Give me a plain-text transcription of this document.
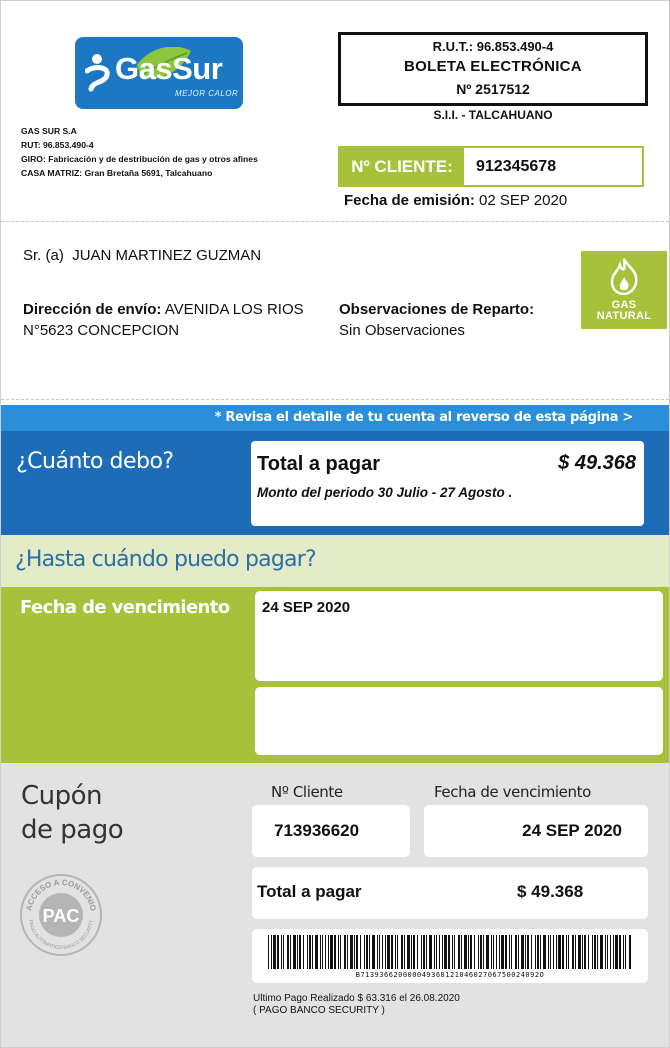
GasSur
MEJOR CALOR
GAS SUR S.A
RUT: 96.853.490-4
GIRO: Fabricación y de destribución de gas y otros afines
CASA MATRIZ: Gran Bretaña 5691, Talcahuano
R.U.T.: 96.853.490-4
BOLETA ELECTRÓNICA
Nº 2517512
S.I.I. - TALCAHUANO
Nº CLIENTE:	912345678
Fecha de emisión: 02 SEP 2020
Sr. (a) JUAN MARTINEZ GUZMAN
Dirección de envío: AVENIDA LOS RIOS N°5623 CONCEPCION
Observaciones de Reparto:
Sin Observaciones
GAS
NATURAL
* Revisa el detalle de tu cuenta al reverso de esta página >
¿Cuánto debo?	Total a pagar	$ 49.368
Monto del periodo 30 Julio - 27 Agosto .
¿Hasta cuándo puedo pagar?
Fecha de vencimiento 24 SEP 2020
Cupón
de pago
ACCESO A CONVENIO
PAC
PAGO AUTOMATICO BANCO SECURITY
Nº Cliente	Fecha de vencimiento
713936620	24 SEP 2020
Total a pagar	$ 49.368
B71393662000004936812104602706750024092O
Ultimo Pago Realizado $ 63.316 el 26.08.2020
( PAGO BANCO SECURITY )
